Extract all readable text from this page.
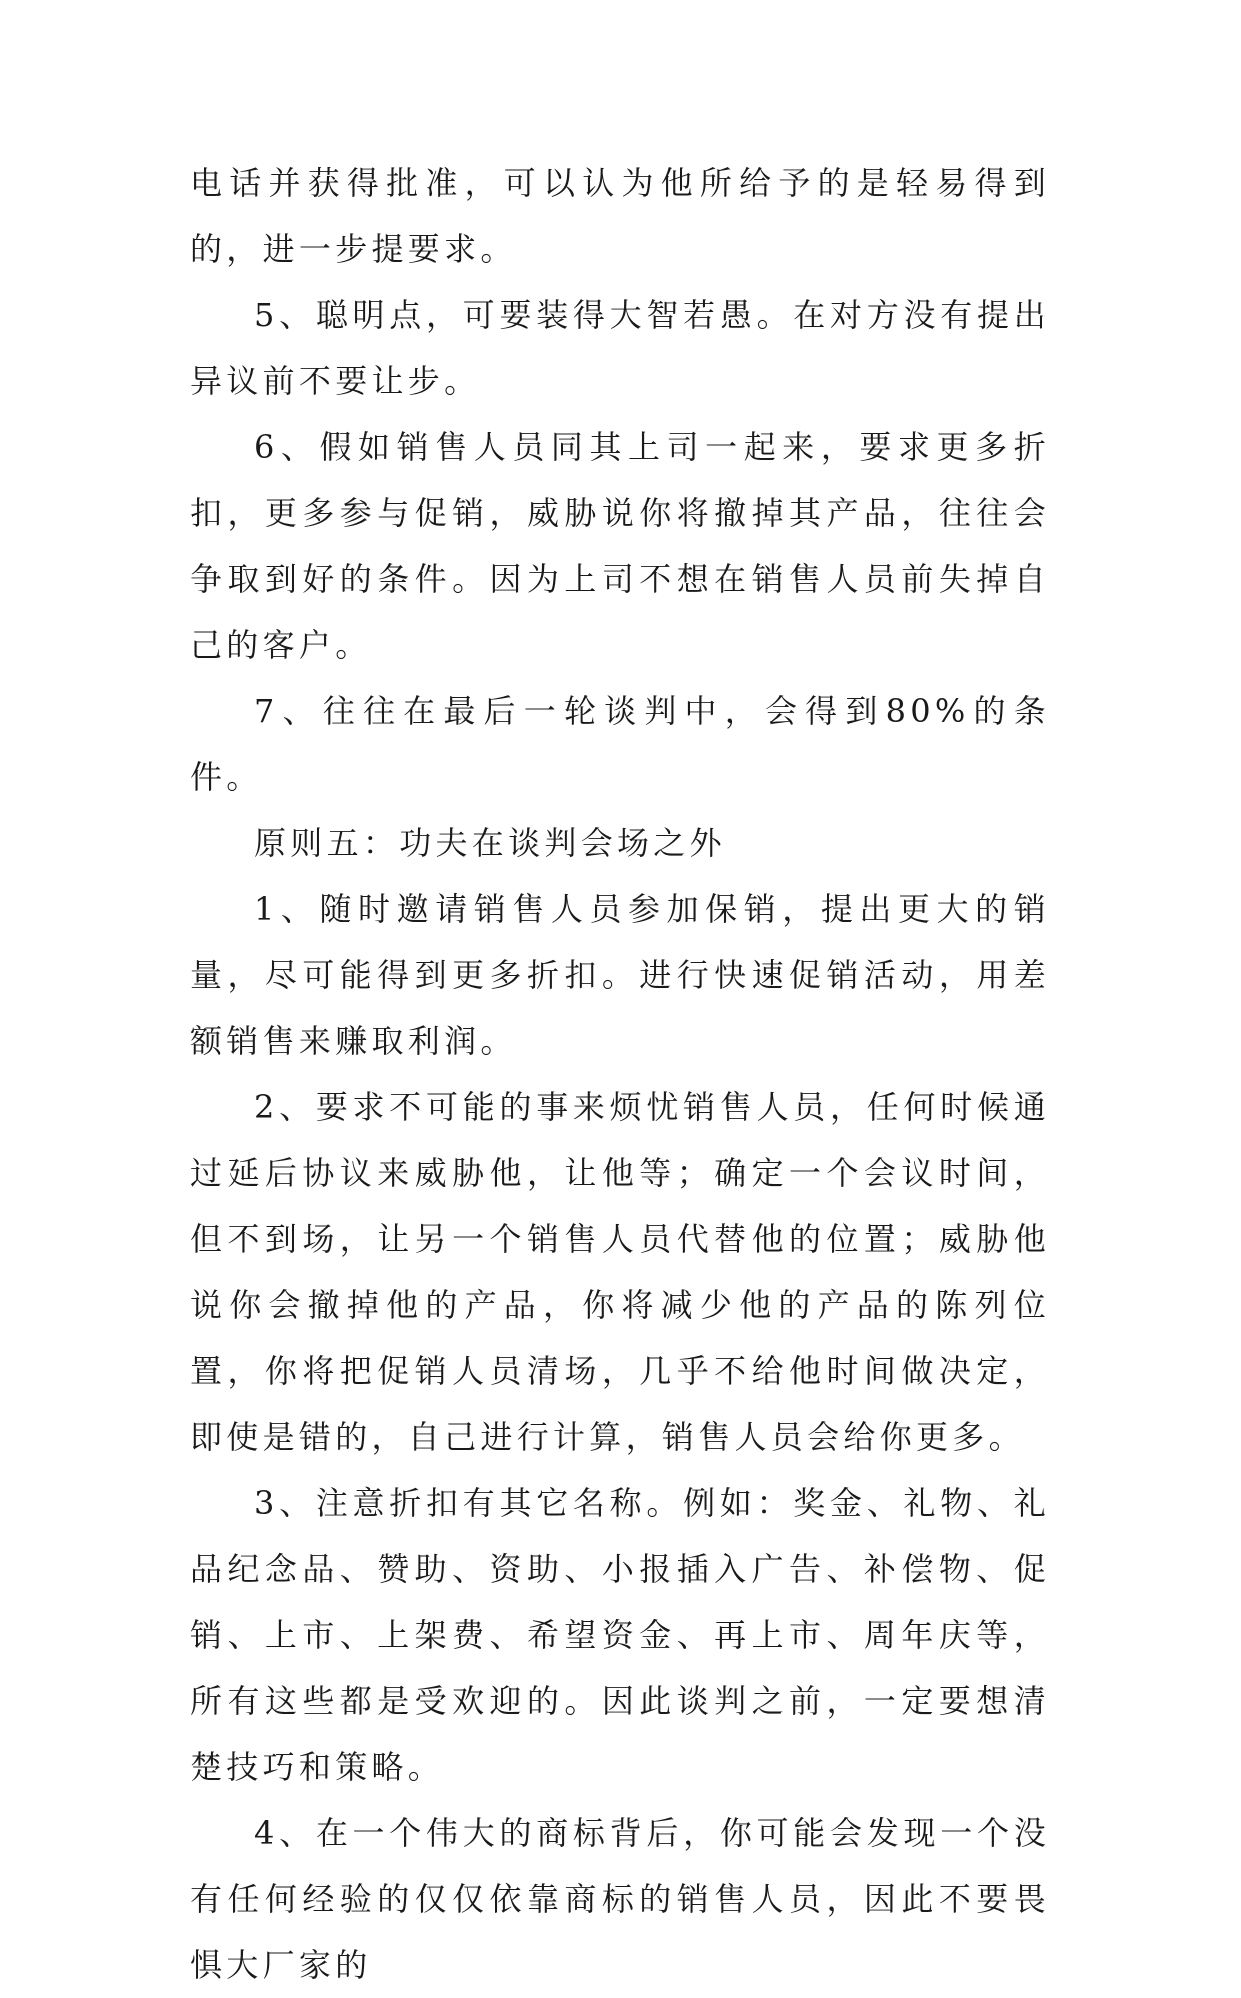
电话并获得批准，可以认为他所给予的是轻易得到的，进一步提要求。

5、聪明点，可要装得大智若愚。在对方没有提出异议前不要让步。

6、假如销售人员同其上司一起来，要求更多折扣，更多参与促销，威胁说你将撤掉其产品，往往会争取到好的条件。因为上司不想在销售人员前失掉自己的客户。

7、往往在最后一轮谈判中，会得到80%的条件。

原则五：功夫在谈判会场之外

1、随时邀请销售人员参加保销，提出更大的销量，尽可能得到更多折扣。进行快速促销活动，用差额销售来赚取利润。

2、要求不可能的事来烦忧销售人员，任何时候通过延后协议来威胁他，让他等；确定一个会议时间，但不到场，让另一个销售人员代替他的位置；威胁他说你会撤掉他的产品，你将减少他的产品的陈列位置，你将把促销人员清场，几乎不给他时间做决定，即使是错的，自己进行计算，销售人员会给你更多。

3、注意折扣有其它名称。例如：奖金、礼物、礼品纪念品、赞助、资助、小报插入广告、补偿物、促销、上市、上架费、希望资金、再上市、周年庆等，所有这些都是受欢迎的。因此谈判之前，一定要想清楚技巧和策略。

4、在一个伟大的商标背后，你可能会发现一个没有任何经验的仅仅依靠商标的销售人员，因此不要畏惧大厂家的
